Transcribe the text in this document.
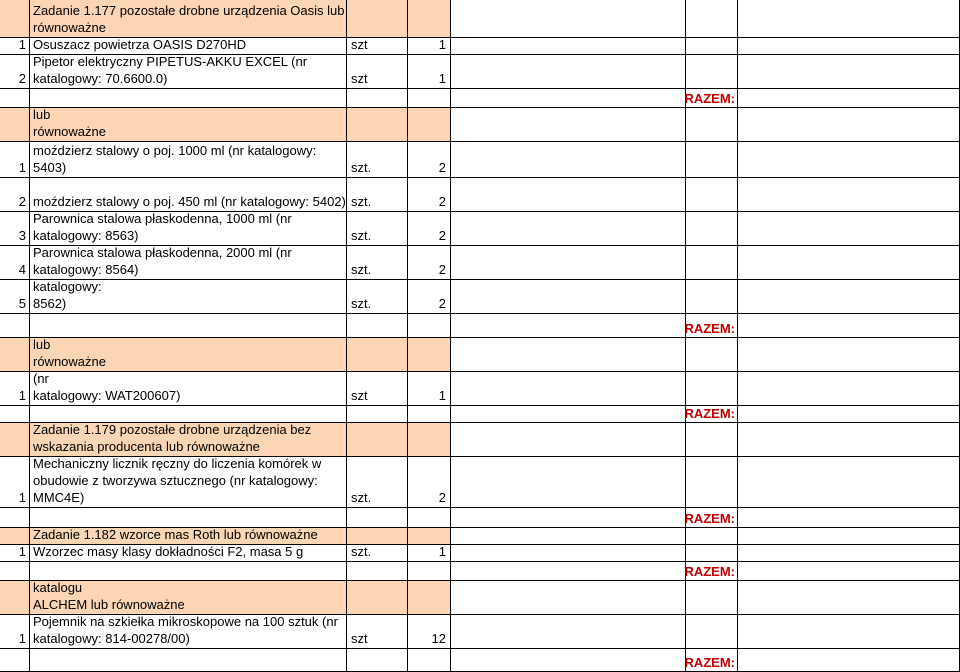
Zadanie 1.177 pozostałe drobne urządzenia Oasis lub
równoważne
1 Osuszacz powietrza OASIS D270HD	szt	1
2
Pipetor elektryczny PIPETUS-AKKU EXCEL (nr
katalogowy: 70.6600.0)	szt	1
RAZEM:
lub
równoważne
1
moździerz stalowy o poj. 1000 ml (nr katalogowy: 5403)	szt.	2
2 moździerz stalowy o poj. 450 ml (nr katalogowy: 5402) szt.	2
3
Parownica stalowa płaskodenna, 1000 ml (nr
katalogowy: 8563)	szt.	2
4
Parownica stalowa płaskodenna, 2000 ml (nr
katalogowy: 8564)	szt.	2
5
katalogowy:
8562)	szt.	2
RAZEM:
lub
równoważne
1
(nr
katalogowy: WAT200607)	szt	1
RAZEM:
Zadanie 1.179 pozostałe drobne urządzenia bez
wskazania producenta lub równoważne
1
Mechaniczny licznik ręczny do liczenia komórek w
obudowie z tworzywa sztucznego (nr katalogowy:
MMC4E)	szt.	2
RAZEM:
Zadanie 1.182 wzorce mas Roth lub równoważne
1 Wzorzec masy klasy dokładności F2, masa 5 g	szt.	1
RAZEM:
katalogu
ALCHEM lub równoważne
1
Pojemnik na szkiełka mikroskopowe na 100 sztuk (nr
katalogowy: 814-00278/00)	szt	12
RAZEM:
